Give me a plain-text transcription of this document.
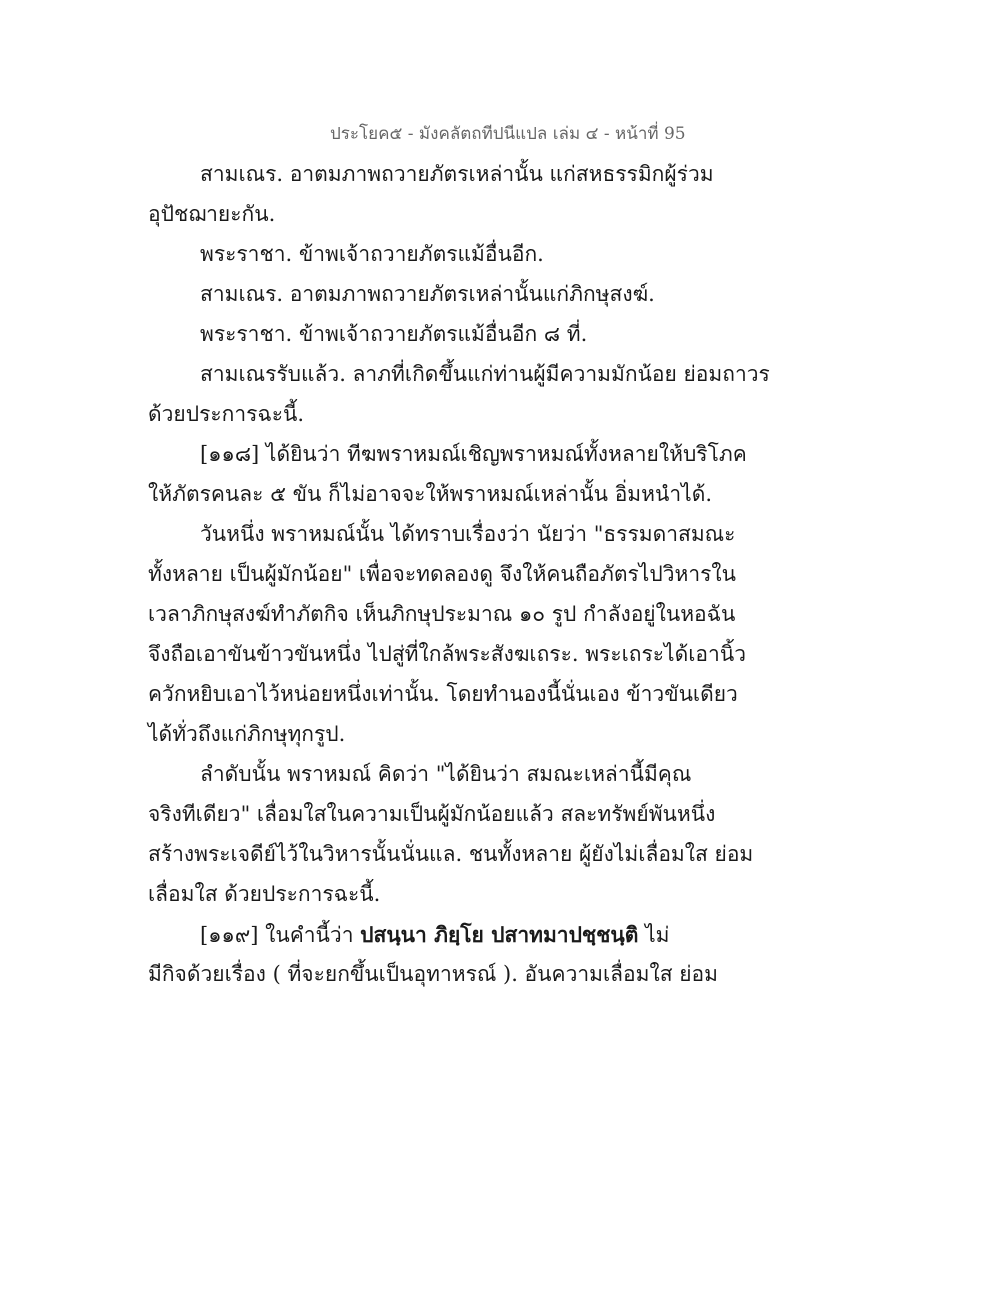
ประโยค๕ - มังคลัตถทีปนีแปล เล่ม ๔ - หน้าที่ 95
สามเณร. อาตมภาพถวายภัตรเหล่านั้น แก่สหธรรมิกผู้ร่วม
อุปัชฌายะกัน.
พระราชา. ข้าพเจ้าถวายภัตรแม้อื่นอีก.
สามเณร. อาตมภาพถวายภัตรเหล่านั้นแก่ภิกษุสงฆ์.
พระราชา. ข้าพเจ้าถวายภัตรแม้อื่นอีก ๘ ที่.
สามเณรรับแล้ว. ลาภที่เกิดขึ้นแก่ท่านผู้มีความมักน้อย ย่อมถาวร
ด้วยประการฉะนี้.
[๑๑๘] ได้ยินว่า ทีฆพราหมณ์เชิญพราหมณ์ทั้งหลายให้บริโภค
ให้ภัตรคนละ ๕ ขัน ก็ไม่อาจจะให้พราหมณ์เหล่านั้น อิ่มหนำได้.
วันหนึ่ง พราหมณ์นั้น ได้ทราบเรื่องว่า นัยว่า "ธรรมดาสมณะ
ทั้งหลาย เป็นผู้มักน้อย" เพื่อจะทดลองดู จึงให้คนถือภัตรไปวิหารใน
เวลาภิกษุสงฆ์ทำภัตกิจ เห็นภิกษุประมาณ ๑๐ รูป กำลังอยู่ในหอฉัน
จึงถือเอาขันข้าวขันหนึ่ง ไปสู่ที่ใกล้พระสังฆเถระ. พระเถระได้เอานิ้ว
ควักหยิบเอาไว้หน่อยหนึ่งเท่านั้น. โดยทำนองนี้นั่นเอง ข้าวขันเดียว
ได้ทั่วถึงแก่ภิกษุทุกรูป.
ลำดับนั้น พราหมณ์ คิดว่า "ได้ยินว่า สมณะเหล่านี้มีคุณ
จริงทีเดียว" เลื่อมใสในความเป็นผู้มักน้อยแล้ว สละทรัพย์พันหนึ่ง
สร้างพระเจดีย์ไว้ในวิหารนั้นนั่นแล. ชนทั้งหลาย ผู้ยังไม่เลื่อมใส ย่อม
เลื่อมใส ด้วยประการฉะนี้.
[๑๑๙] ในคำนี้ว่า ปสนฺนา ภิยฺโย ปสาทมาปชฺชนฺติ ไม่
มีกิจด้วยเรื่อง ( ที่จะยกขึ้นเป็นอุทาหรณ์ ). อันความเลื่อมใส ย่อม
